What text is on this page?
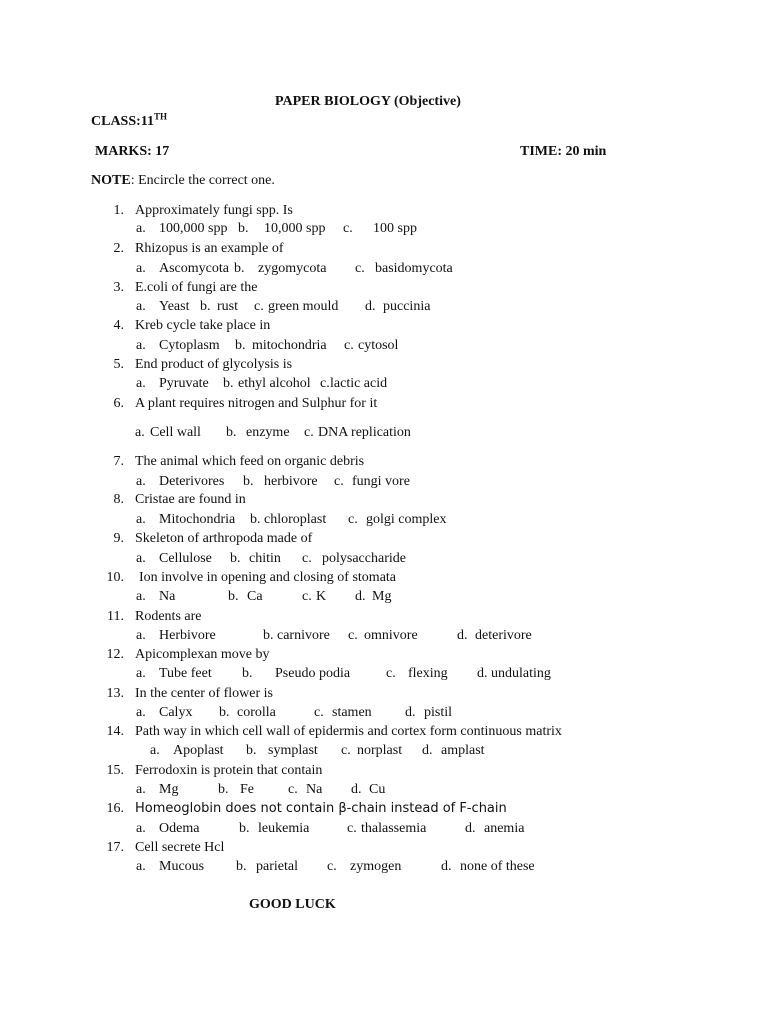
PAPER BIOLOGY (Objective)
CLASS:11TH
MARKS: 17	TIME: 20 min
NOTE: Encircle the correct one.
1. Approximately fungi spp. Is
a. 100,000 spp b. 10,000 spp c. 100 spp
2. Rhizopus is an example of
a. Ascomycota b. zygomycota c. basidomycota
3. E.coli of fungi are the
a. Yeast b. rust c. green mould d. puccinia
4. Kreb cycle take place in
a. Cytoplasm b. mitochondria c. cytosol
5. End product of glycolysis is
a. Pyruvate b. ethyl alcohol c. lactic acid
6. A plant requires nitrogen and Sulphur for it
a. Cell wall b. enzyme c. DNA replication
7. The animal which feed on organic debris
a. Deterivores b. herbivore c. fungi vore
8. Cristae are found in
a. Mitochondria b. chloroplast c. golgi complex
9. Skeleton of arthropoda made of
a. Cellulose b. chitin c. polysaccharide
10. Ion involve in opening and closing of stomata
a. Na	b. Ca	c. K d. Mg
11. Rodents are
a. Herbivore	b. carnivore c. omnivore	d. deterivore
12. Apicomplexan move by
a. Tube feet b. Pseudo podia	c. flexing d. undulating
13. In the center of flower is
a. Calyx b. corolla	c. stamen d. pistil
14. Path way in which cell wall of epidermis and cortex form continuous matrix
a. Apoplast b. symplast c. norplast d. amplast
15. Ferrodoxin is protein that contain
a. Mg	b. Fe c. Na d. Cu
16. Homeoglobin does not contain β-chain instead of F-chain
a. Odema	b. leukemia	c. thalassemia	d. anemia
17. Cell secrete Hcl
a. Mucous b. parietal c. zymogen	d. none of these
GOOD LUCK
